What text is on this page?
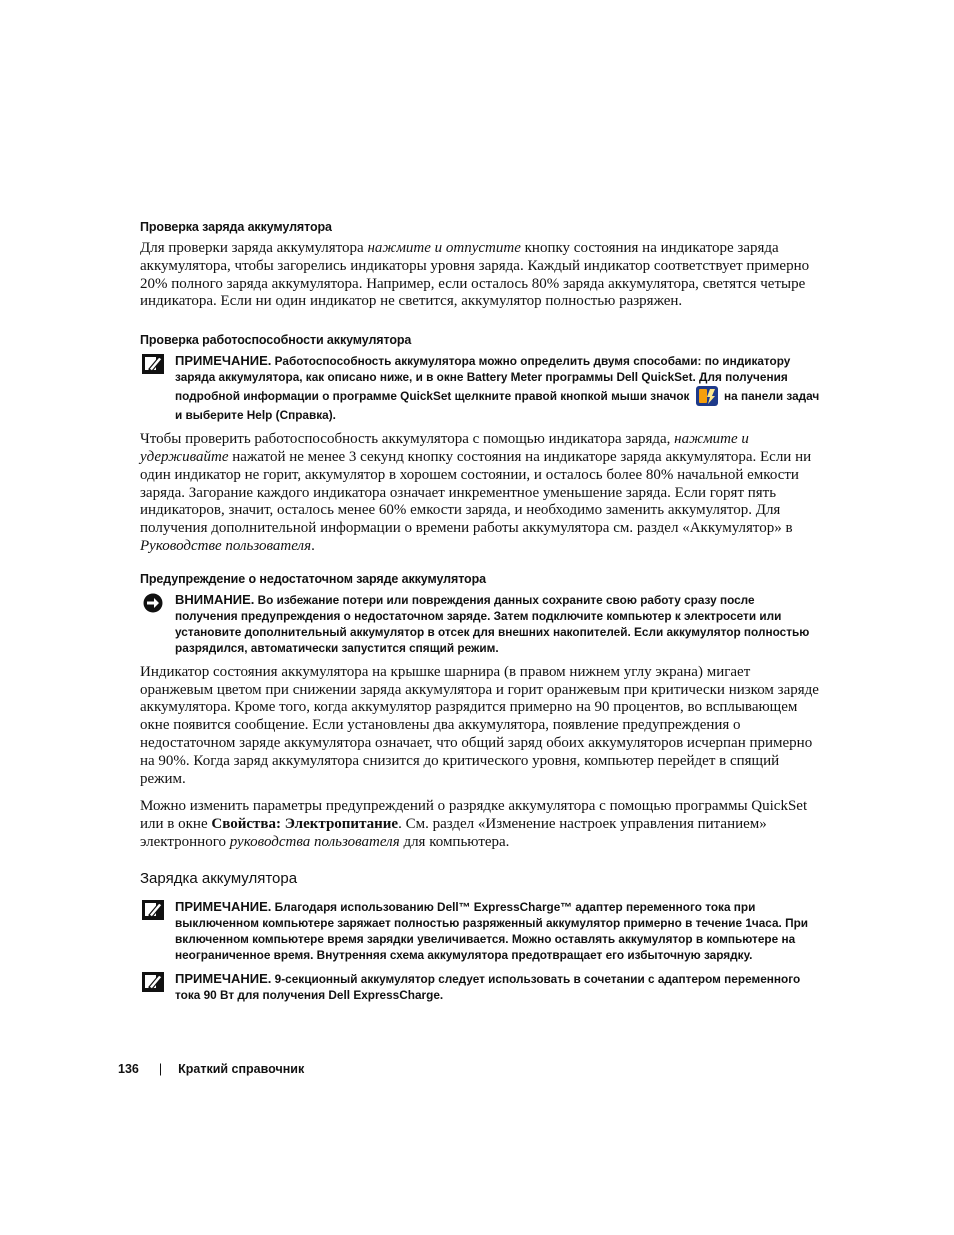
Проверка заряда аккумулятора

Для проверки заряда аккумулятора нажмите и отпустите кнопку состояния на индикаторе заряда аккумулятора, чтобы загорелись индикаторы уровня заряда. Каждый индикатор соответствует примерно 20% полного заряда аккумулятора. Например, если осталось 80% заряда аккумулятора, светятся четыре индикатора. Если ни один индикатор не светится, аккумулятор полностью разряжен.

Проверка работоспособности аккумулятора
ПРИМЕЧАНИЕ. Работоспособность аккумулятора можно определить двумя способами: по индикатору заряда аккумулятора, как описано ниже, и в окне Battery Meter программы Dell QuickSet. Для получения подробной информации о программе QuickSet щелкните правой кнопкой мыши значок  на панели задач и выберите Help (Справка).

Чтобы проверить работоспособность аккумулятора с помощью индикатора заряда, нажмите и удерживайте нажатой не менее 3 секунд кнопку состояния на индикаторе заряда аккумулятора. Если ни один индикатор не горит, аккумулятор в хорошем состоянии, и осталось более 80% начальной емкости заряда. Загорание каждого индикатора означает инкрементное уменьшение заряда. Если горят пять индикаторов, значит, осталось менее 60% емкости заряда, и необходимо заменить аккумулятор. Для получения дополнительной информации о времени работы аккумулятора см. раздел «Аккумулятор» в Руководстве пользователя.

Предупреждение о недостаточном заряде аккумулятора
ВНИМАНИЕ. Во избежание потери или повреждения данных сохраните свою работу сразу после получения предупреждения о недостаточном заряде. Затем подключите компьютер к электросети или установите дополнительный аккумулятор в отсек для внешних накопителей. Если аккумулятор полностью разрядился, автоматически запустится спящий режим.

Индикатор состояния аккумулятора на крышке шарнира (в правом нижнем углу экрана) мигает оранжевым цветом при снижении заряда аккумулятора и горит оранжевым при критически низком заряде аккумулятора. Кроме того, когда аккумулятор разрядится примерно на 90 процентов, во всплывающем окне появится сообщение. Если установлены два аккумулятора, появление предупреждения о недостаточном заряде аккумулятора означает, что общий заряд обоих аккумуляторов исчерпан примерно на 90%. Когда заряд аккумулятора снизится до критического уровня, компьютер перейдет в спящий режим.

Можно изменить параметры предупреждений о разрядке аккумулятора с помощью программы QuickSet или в окне Свойства: Электропитание. См. раздел «Изменение настроек управления питанием» электронного руководства пользователя для компьютера.

Зарядка аккумулятора
ПРИМЕЧАНИЕ. Благодаря использованию Dell™ ExpressCharge™ адаптер переменного тока при выключенном компьютере заряжает полностью разряженный аккумулятор примерно в течение 1часа. При включенном компьютере время зарядки увеличивается. Можно оставлять аккумулятор в компьютере на неограниченное время. Внутренняя схема аккумулятора предотвращает его избыточную зарядку.
ПРИМЕЧАНИЕ. 9-секционный аккумулятор следует использовать в сочетании с адаптером переменного тока 90 Вт для получения Dell ExpressCharge.
136 | Краткий справочник
